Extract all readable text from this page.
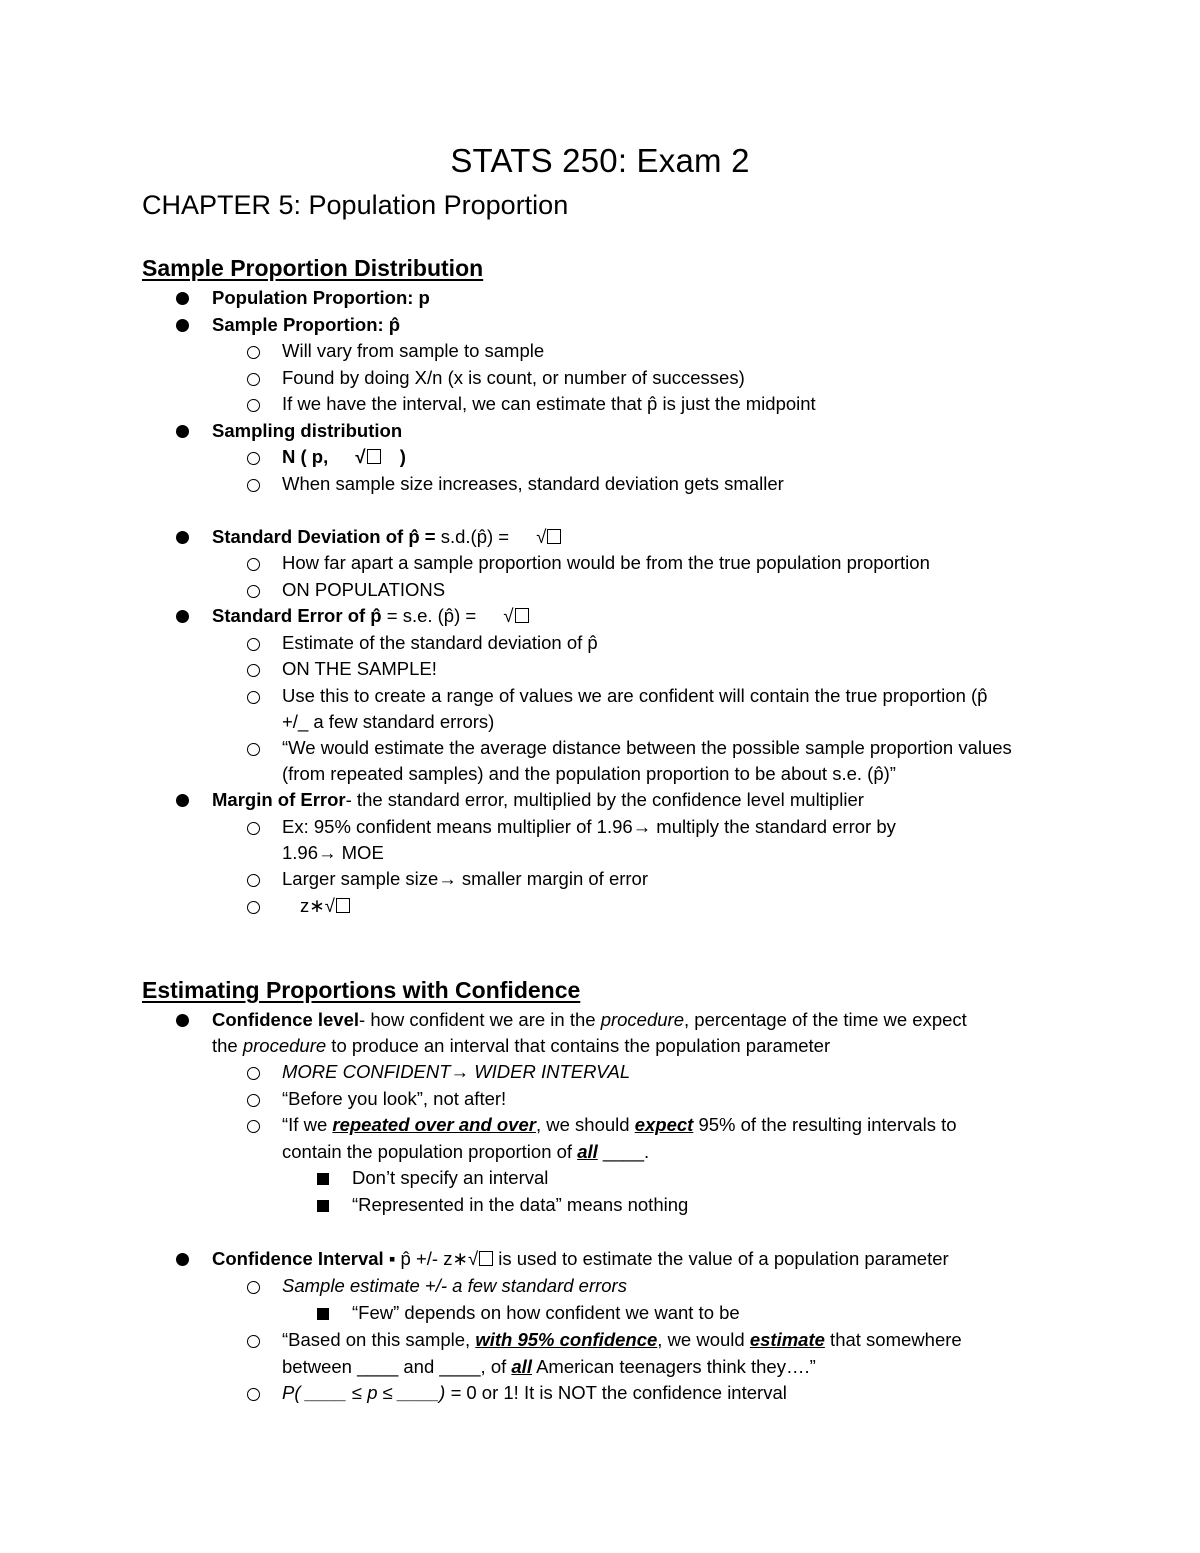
STATS 250: Exam 2
CHAPTER 5: Population Proportion
Sample Proportion Distribution
Population Proportion: p
Sample Proportion: p̂
Will vary from sample to sample
Found by doing X/n (x is count, or number of successes)
If we have the interval, we can estimate that p̂ is just the midpoint
Sampling distribution
N ( p, √ )
When sample size increases, standard deviation gets smaller
Standard Deviation of p̂ = s.d.(p̂) = √
How far apart a sample proportion would be from the true population proportion
ON POPULATIONS
Standard Error of p̂ = s.e. (p̂) = √
Estimate of the standard deviation of p̂
ON THE SAMPLE!
Use this to create a range of values we are confident will contain the true proportion (p̂
+/_ a few standard errors)
“We would estimate the average distance between the possible sample proportion values
(from repeated samples) and the population proportion to be about s.e. (p̂)”
Margin of Error- the standard error, multiplied by the confidence level multiplier
Ex: 95% confident means multiplier of 1.96→ multiply the standard error by
1.96→ MOE
Larger sample size→ smaller margin of error
z∗√
Estimating Proportions with Confidence
Confidence level- how confident we are in the procedure, percentage of the time we expect
the procedure to produce an interval that contains the population parameter
MORE CONFIDENT→ WIDER INTERVAL
“Before you look”, not after!
“If we repeated over and over, we should expect 95% of the resulting intervals to
contain the population proportion of all ____.
Don’t specify an interval
“Represented in the data” means nothing
Confidence Interval ▪ p̂ +/- z∗√ is used to estimate the value of a population parameter
Sample estimate +/- a few standard errors
“Few” depends on how confident we want to be
“Based on this sample, with 95% confidence, we would estimate that somewhere
between ____ and ____, of all American teenagers think they….”
P( ____ ≤ p ≤ ____) = 0 or 1! It is NOT the confidence interval
